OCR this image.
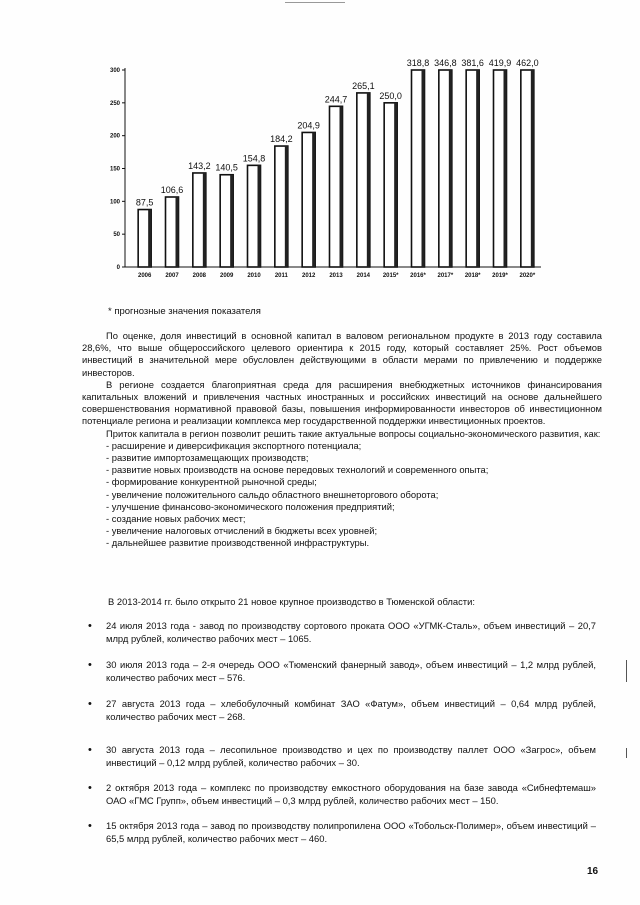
0
50
100
150
200
250
300
87,5
2006
106,6
2007
143,2
2008
140,5
2009
154,8
2010
184,2
2011
204,9
2012
244,7
2013
265,1
2014
250,0
2015*
318,8
2016*
346,8
2017*
381,6
2018*
419,9
2019*
462,0
2020*
* прогнозные значения показателя

По оценке, доля инвестиций в основной капитал в валовом региональном продукте в 2013 году составила 28,6%, что выше общероссийского целевого ориентира к 2015 году, который составляет 25%. Рост объемов инвестиций в значительной мере обусловлен действующими в области мерами по привлечению и поддержке инвесторов.

В регионе создается благоприятная среда для расширения внебюджетных источников финансирования капитальных вложений и привлечения частных иностранных и российских инвестиций на основе дальнейшего совершенствования нормативной правовой базы, повышения информированности инвесторов об инвестиционном потенциале региона и реализации комплекса мер государственной поддержки инвестиционных проектов.

Приток капитала в регион позволит решить такие актуальные вопросы социально-экономического развития, как:

- расширение и диверсификация экспортного потенциала;

- развитие импортозамещающих производств;

- развитие новых производств на основе передовых технологий и современного опыта;

- формирование конкурентной рыночной среды;

- увеличение положительного сальдо областного внешнеторгового оборота;

- улучшение финансово-экономического положения предприятий;

- создание новых рабочих мест;

- увеличение налоговых отчислений в бюджеты всех уровней;

- дальнейшее развитие производственной инфраструктуры.

В 2013-2014 гг. было открыто 21 новое крупное производство в Тюменской области:
• 24 июля 2013 года - завод по производству сортового проката ООО «УГМК-Сталь», объем инвестиций – 20,7 млрд рублей, количество рабочих мест – 1065.
• 30 июля 2013 года – 2-я очередь ООО «Тюменский фанерный завод», объем инвестиций – 1,2 млрд рублей, количество рабочих мест – 576.
• 27 августа 2013 года – хлебобулочный комбинат ЗАО «Фатум», объем инвестиций – 0,64 млрд рублей, количество рабочих мест – 268.
• 30 августа 2013 года – лесопильное производство и цех по производству паллет ООО «Загрос», объем инвестиций – 0,12 млрд рублей, количество рабочих – 30.
• 2 октября 2013 года – комплекс по производству емкостного оборудования на базе завода «Сибнефтемаш» ОАО «ГМС Групп», объем инвестиций – 0,3 млрд рублей, количество рабочих мест – 150.
• 15 октября 2013 года – завод по производству полипропилена ООО «Тобольск-Полимер», объем инвестиций – 65,5 млрд рублей, количество рабочих мест – 460.
16
